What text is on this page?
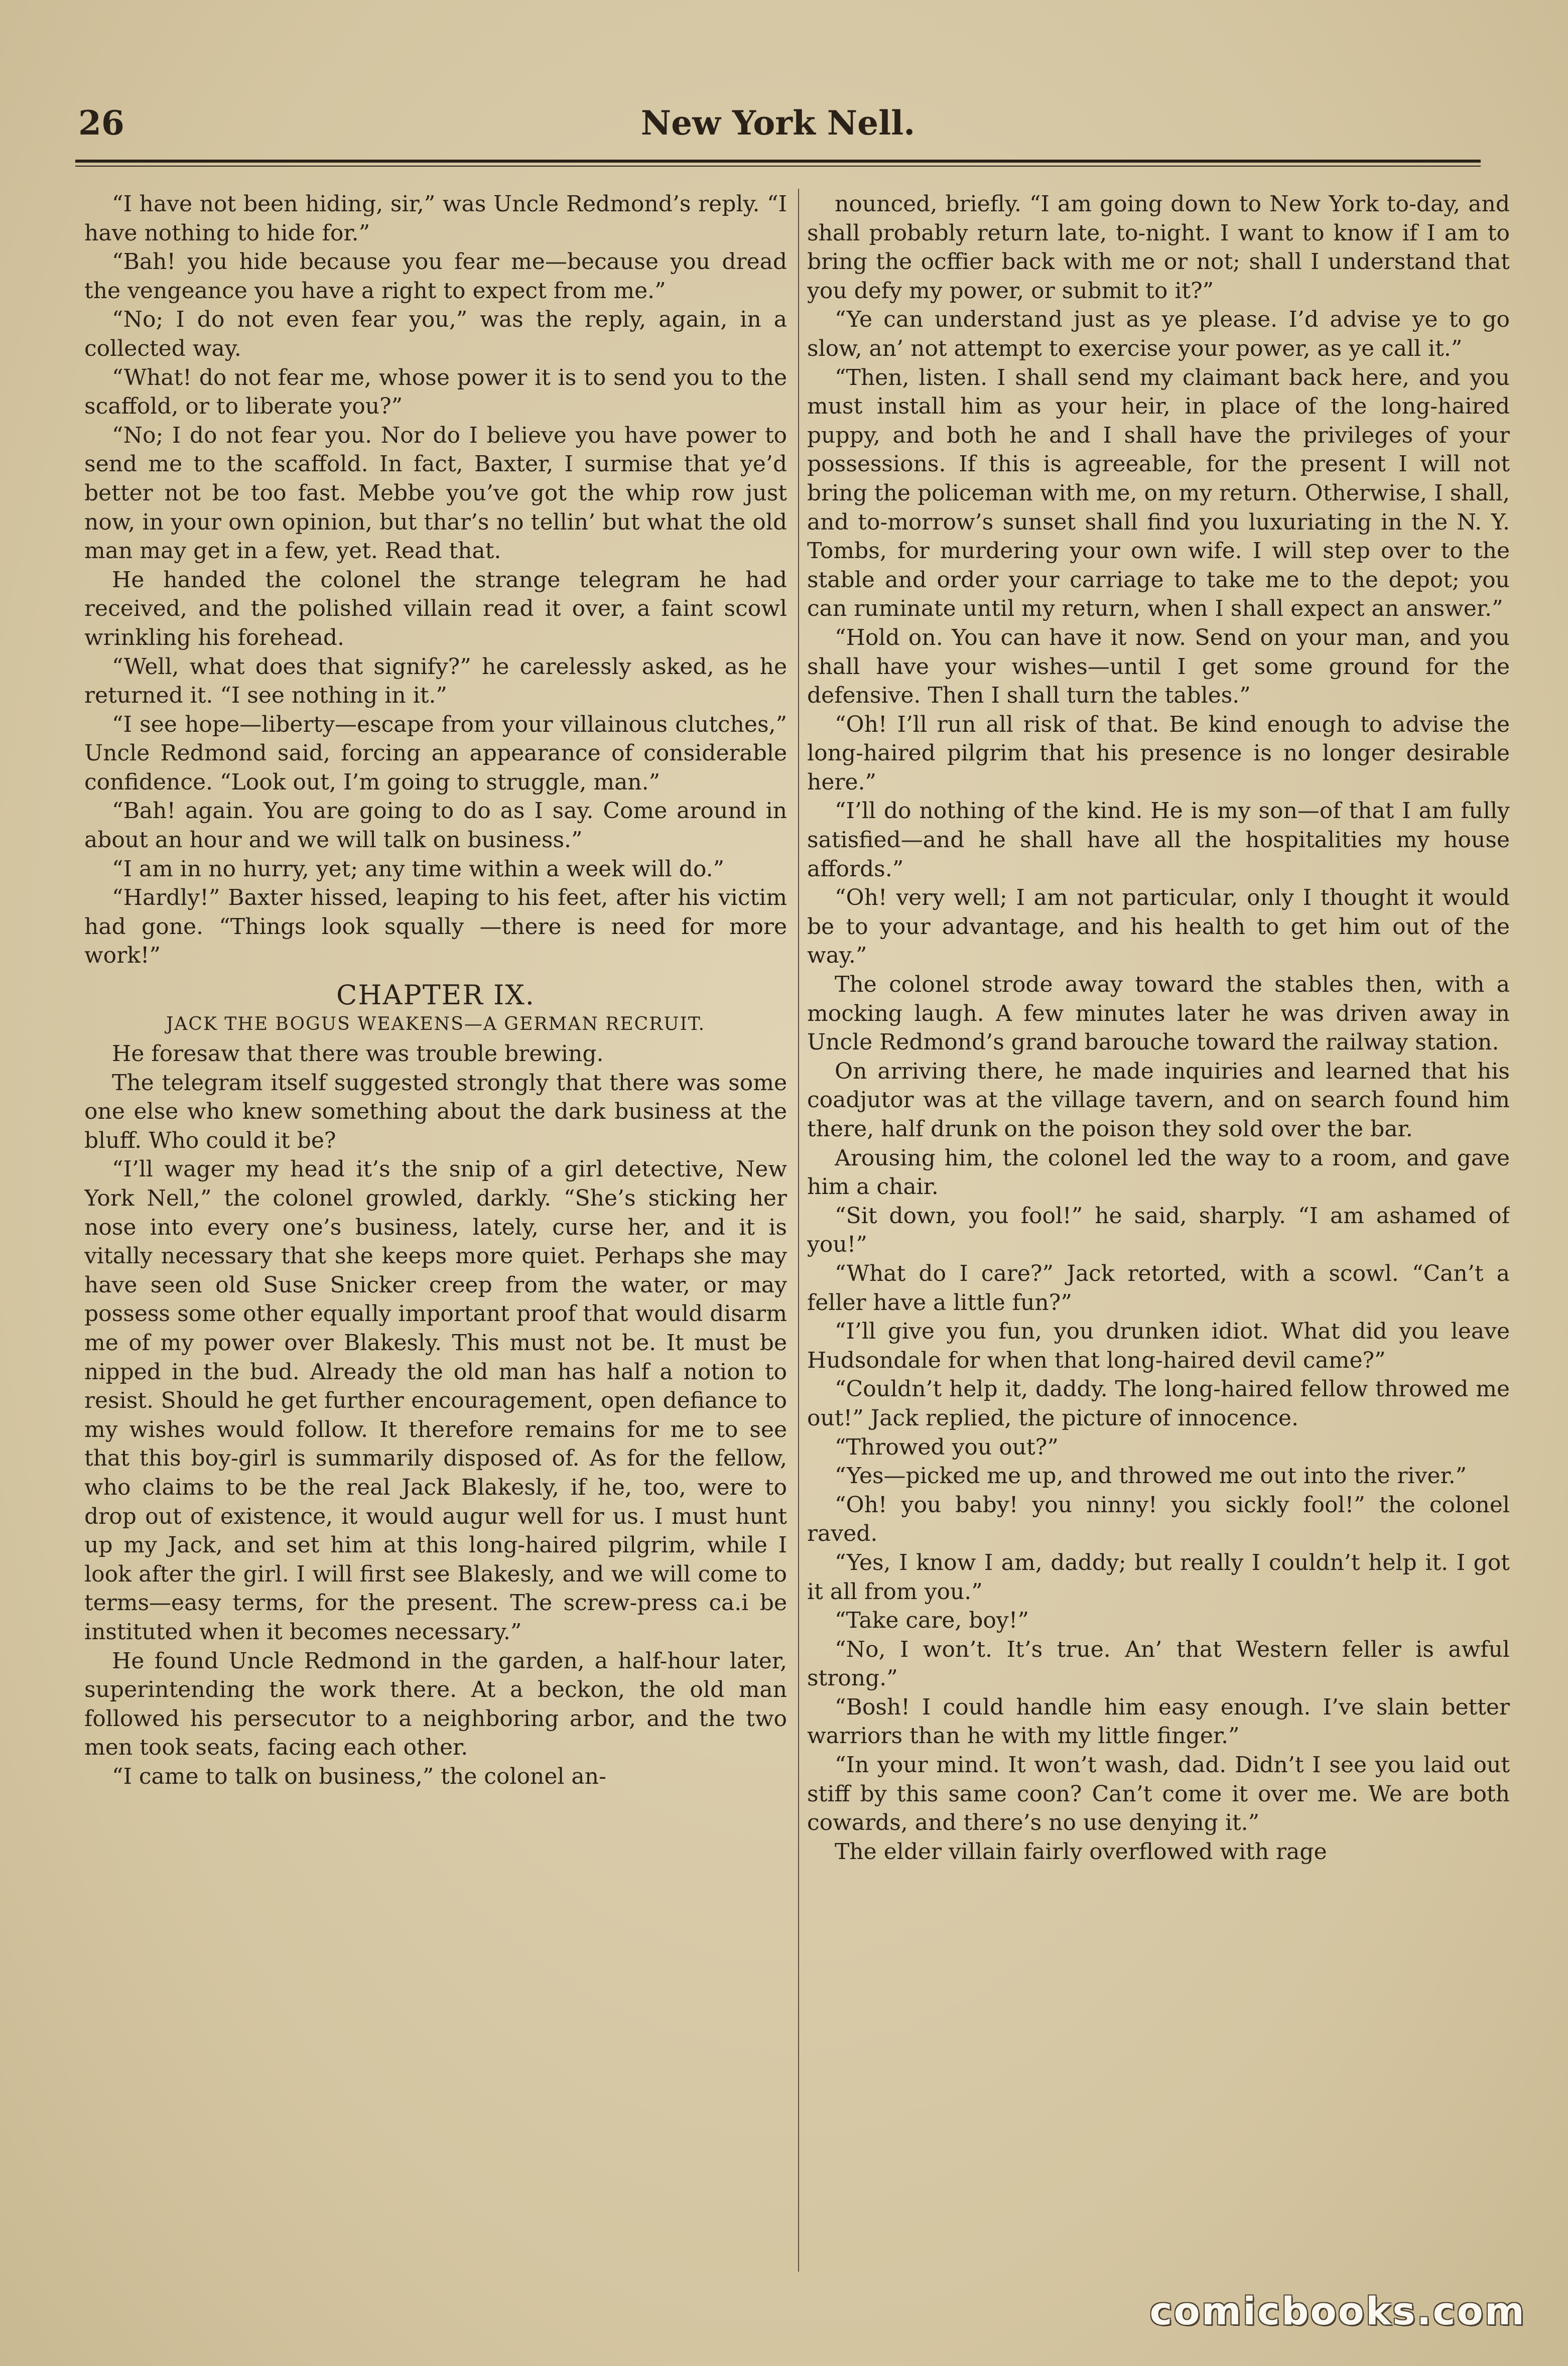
26	New York Nell.

“I have not been hiding, sir,” was Uncle Redmond’s reply. “I have nothing to hide for.”

“Bah! you hide because you fear me—because you dread the vengeance you have a right to expect from me.”

“No; I do not even fear you,” was the reply, again, in a collected way.

“What! do not fear me, whose power it is to send you to the scaffold, or to liberate you?”

“No; I do not fear you. Nor do I believe you have power to send me to the scaffold. In fact, Baxter, I surmise that ye’d better not be too fast. Mebbe you’ve got the whip row just now, in your own opinion, but thar’s no tellin’ but what the old man may get in a few, yet. Read that.

He handed the colonel the strange telegram he had received, and the polished villain read it over, a faint scowl wrinkling his forehead.

“Well, what does that signify?” he carelessly asked, as he returned it. “I see nothing in it.”

“I see hope—liberty—escape from your villainous clutches,” Uncle Redmond said, forcing an appearance of considerable confidence. “Look out, I’m going to struggle, man.”

“Bah! again. You are going to do as I say. Come around in about an hour and we will talk on business.”

“I am in no hurry, yet; any time within a week will do.”

“Hardly!” Baxter hissed, leaping to his feet, after his victim had gone. “Things look squally —there is need for more work!”

CHAPTER IX.
JACK THE BOGUS WEAKENS—A GERMAN RECRUIT.

He foresaw that there was trouble brewing.

The telegram itself suggested strongly that there was some one else who knew something about the dark business at the bluff. Who could it be?

“I’ll wager my head it’s the snip of a girl detective, New York Nell,” the colonel growled, darkly. “She’s sticking her nose into every one’s business, lately, curse her, and it is vitally necessary that she keeps more quiet. Perhaps she may have seen old Suse Snicker creep from the water, or may possess some other equally important proof that would disarm me of my power over Blakesly. This must not be. It must be nipped in the bud. Already the old man has half a notion to resist. Should he get further encouragement, open defiance to my wishes would follow. It therefore remains for me to see that this boy-girl is summarily disposed of. As for the fellow, who claims to be the real Jack Blakesly, if he, too, were to drop out of existence, it would augur well for us. I must hunt up my Jack, and set him at this long-haired pilgrim, while I look after the girl. I will first see Blakesly, and we will come to terms—easy terms, for the present. The screw-press ca.i be instituted when it becomes necessary.”

He found Uncle Redmond in the garden, a half-hour later, superintending the work there. At a beckon, the old man followed his persecutor to a neighboring arbor, and the two men took seats, facing each other.

“I came to talk on business,” the colonel an-

nounced, briefly. “I am going down to New York to-day, and shall probably return late, to-night. I want to know if I am to bring the ocffier back with me or not; shall I understand that you defy my power, or submit to it?”

“Ye can understand just as ye please. I’d advise ye to go slow, an’ not attempt to exercise your power, as ye call it.”

“Then, listen. I shall send my claimant back here, and you must install him as your heir, in place of the long-haired puppy, and both he and I shall have the privileges of your possessions. If this is agreeable, for the present I will not bring the policeman with me, on my return. Otherwise, I shall, and to-morrow’s sunset shall find you luxuriating in the N. Y. Tombs, for murdering your own wife. I will step over to the stable and order your carriage to take me to the depot; you can ruminate until my return, when I shall expect an answer.”

“Hold on. You can have it now. Send on your man, and you shall have your wishes—until I get some ground for the defensive. Then I shall turn the tables.”

“Oh! I’ll run all risk of that. Be kind enough to advise the long-haired pilgrim that his presence is no longer desirable here.”

“I’ll do nothing of the kind. He is my son—of that I am fully satisfied—and he shall have all the hospitalities my house affords.”

“Oh! very well; I am not particular, only I thought it would be to your advantage, and his health to get him out of the way.”

The colonel strode away toward the stables then, with a mocking laugh. A few minutes later he was driven away in Uncle Redmond’s grand barouche toward the railway station.

On arriving there, he made inquiries and learned that his coadjutor was at the village tavern, and on search found him there, half drunk on the poison they sold over the bar.

Arousing him, the colonel led the way to a room, and gave him a chair.

“Sit down, you fool!” he said, sharply. “I am ashamed of you!”

“What do I care?” Jack retorted, with a scowl. “Can’t a feller have a little fun?”

“I’ll give you fun, you drunken idiot. What did you leave Hudsondale for when that long-haired devil came?”

“Couldn’t help it, daddy. The long-haired fellow throwed me out!” Jack replied, the picture of innocence.

“Throwed you out?”

“Yes—picked me up, and throwed me out into the river.”

“Oh! you baby! you ninny! you sickly fool!” the colonel raved.

“Yes, I know I am, daddy; but really I couldn’t help it. I got it all from you.”

“Take care, boy!”

“No, I won’t. It’s true. An’ that Western feller is awful strong.”

“Bosh! I could handle him easy enough. I’ve slain better warriors than he with my little finger.”

“In your mind. It won’t wash, dad. Didn’t I see you laid out stiff by this same coon? Can’t come it over me. We are both cowards, and there’s no use denying it.”

The elder villain fairly overflowed with rage

comicbooks.com
